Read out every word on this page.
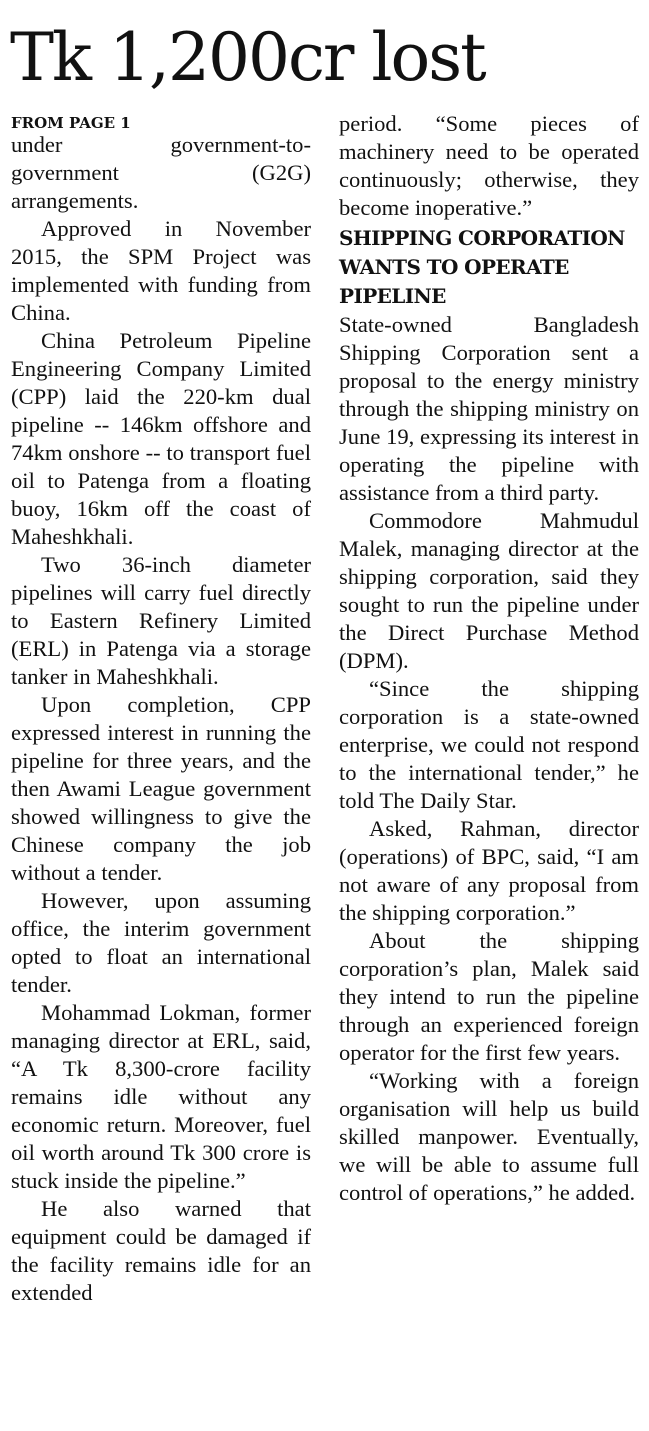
Tk 1,200cr lost
FROM PAGE 1

under government-to-government (G2G) arrangements.

Approved in November 2015, the SPM Project was implemented with funding from China.

China Petroleum Pipeline Engineering Company Limited (CPP) laid the 220-km dual pipeline -- 146km offshore and 74km onshore -- to transport fuel oil to Patenga from a floating buoy, 16km off the coast of Maheshkhali.

Two 36-inch diameter pipelines will carry fuel directly to Eastern Refinery Limited (ERL) in Patenga via a storage tanker in Maheshkhali.

Upon completion, CPP expressed interest in running the pipeline for three years, and the then Awami League government showed willingness to give the Chinese company the job without a tender.

However, upon assuming office, the interim government opted to float an international tender.

Mohammad Lokman, former managing director at ERL, said, “A Tk 8,300-crore facility remains idle without any economic return. Moreover, fuel oil worth around Tk 300 crore is stuck inside the pipeline.”

He also warned that equipment could be damaged if the facility remains idle for an extended

period. “Some pieces of machinery need to be operated continuously; otherwise, they become inoperative.”

SHIPPING CORPORATION WANTS TO OPERATE PIPELINE

State-owned Bangladesh Shipping Corporation sent a proposal to the energy ministry through the shipping ministry on June 19, expressing its interest in operating the pipeline with assistance from a third party.

Commodore Mahmudul Malek, managing director at the shipping corporation, said they sought to run the pipeline under the Direct Purchase Method (DPM).

“Since the shipping corporation is a state-owned enterprise, we could not respond to the international tender,” he told The Daily Star.

Asked, Rahman, director (operations) of BPC, said, “I am not aware of any proposal from the shipping corporation.”

About the shipping corporation’s plan, Malek said they intend to run the pipeline through an experienced foreign operator for the first few years.

“Working with a foreign organisation will help us build skilled manpower. Eventually, we will be able to assume full control of operations,” he added.
